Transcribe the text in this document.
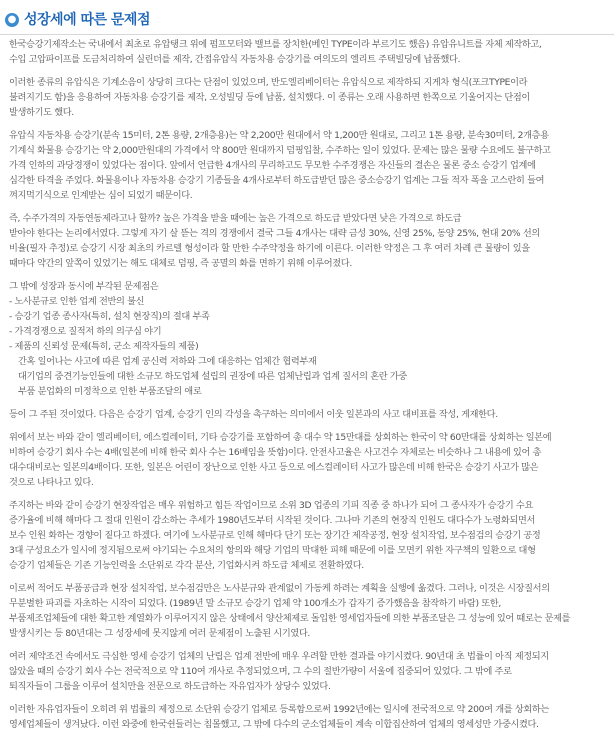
● 성장세에 따른 문제점
한국승강기제작소는 국내에서 최초로 유압탱크 위에 펌프모터와 밸브를 장치한(베인 TYPE이라 부르기도 했음) 유압유니트를 자체 제작하고,
수입 고압파이프를 도금처리하여 실린더를 제작, 간접유압식 자동차용 승강기를 여의도의 엘리트 주택빌딩에 납품했다.
이러한 종류의 유압식은 기계소음이 상당히 크다는 단점이 있었으며, 반도엘리베이터는 유압식으로 제작하되 지게차 형식(포크TYPE이라
불려지기도 함)을 응용하여 자동차용 승강기를 제작, 오성빌딩 등에 납품, 설치했다. 이 종류는 오래 사용하면 한쪽으로 기울어지는 단점이
발생하기도 했다.
유압식 자동차용 승강기(분속 15미터, 2톤 용량, 2개층용)는 약 2,200만 원대에서 약 1,200만 원대로, 그리고 1톤 용량, 분속30미터, 2개층용
기계식 화물용 승강기는 약 2,000만원대의 가격에서 약 800만 원대까지 덤핑입찰, 수주하는 일이 있었다. 문제는 많은 물량 수요에도 불구하고
가격 인하의 과당경쟁이 있었다는 점이다. 앞에서 언급한 4개사의 무리하고도 무모한 수주경쟁은 자신들의 결손은 물론 중소 승강기 업계에
심각한 타격을 주었다. 화물용이나 자동차용 승강기 기종들을 4개사로부터 하도급받던 많은 중소승강기 업계는 그들 적자 폭을 고스란히 들여
껴지먹기식으로 인계받는 심이 되었기 때문이다.
즉, 수주가격의 자동연동제라고나 할까? 높은 가격을 받을 때에는 높은 가격으로 하도급 받았다면 낮은 가격으로 하도급
받아야 한다는 논리에서였다. 그렇게 자기 살 뜯는 격의 경쟁에서 결국 그들 4개사는 대략 금성 30%, 신영 25%, 동양 25%, 현대 20% 선의
비율(필자 추정)로 승강기 시장 최초의 카르텔 형성이라 할 만한 수주약정을 하기에 이른다. 이러한 약정은 그 후 여러 차례 큰 물량이 있을
때마다 약간의 앞쪽이 있었기는 해도 대체로 덤핑, 즉 공멸의 화를 면하기 위해 이루어졌다.
그 밖에 성장과 동시에 부각된 문제점은
- 노사분규로 인한 업계 전반의 불신
- 승강기 업종 종사자(특히, 설치 현장직)의 절대 부족
- 가격경쟁으로 질적저 하의 의구심 야기
- 제품의 신뢰성 문제(특히, 군소 제작자들의 제품)
간혹 일어나는 사고에 따른 업계 공신력 저하와 그에 대응하는 업체간 협력부재
대기업의 중견기능인들에 대한 소규모 하도업체 설립의 권장에 따른 업체난립과 업계 질서의 혼란 가중
부품 분업화의 미정착으로 인한 부품조달의 애로
등이 그 주된 것이었다. 다음은 승강기 업계, 승강기 인의 각성을 촉구하는 의미에서 이웃 일본과의 사고 대비표를 작성, 게재한다.
위에서 보는 바와 같이 엘리베이터, 에스컬레이터, 기타 승강기를 포함하여 총 대수 약 15만대를 상회하는 한국이 약 60만대를 상회하는 일본에
비하여 승강기 회사 수는 4배(일본에 비해 한국 회사 수는 16배임을 뜻함)이다. 안전사고율은 사고건수 자체로는 비슷하나 그 내용에 있어 총
대수대비로는 일본의4배이다. 또한, 일본은 어린이 장난으로 인한 사고 등으로 에스컬레이터 사고가 많은데 비해 한국은 승강기 사고가 많은
것으로 나타나고 있다.
주지하는 바와 같이 승강기 현장작업은 매우 위험하고 힘든 작업이므로 소위 3D 업종의 기피 직종 중 하나가 되어 그 종사자가 승강기 수요
증가율에 비해 해마다 그 절대 인원이 감소하는 추세가 1980년도부터 시작된 것이다. 그나마 기존의 현장직 인원도 대다수가 노령화되면서
보수 인원 화하는 경향이 짙다고 하겠다. 여기에 노사분규로 인해 해마다 단기 또는 장기간 제작공정, 현장 설치작업, 보수점검의 승강기 공정
3대 구성요소가 일시에 정지됨으로써 야기되는 수요처의 항의와 해당 기업의 막대한 피해 때문에 이를 모면키 위한 자구책의 일환으로 대형
승강기 업체들은 기존 기능인력을 소단위로 각각 분산, 기업화시켜 하도급 체제로 전환하였다.
이로써 적어도 부품공급과 현장 설치작업, 보수점검만은 노사분규와 관계없이 가동케 하려는 계획을 실행에 옮겼다. 그러나, 이것은 시장질서의
무분별한 파괴를 자초하는 시작이 되었다. (1989년 말 소규모 승강기 업체 약 100개소가 갑자기 증가했음을 참작하기 바람) 또한,
부품제조업체들에 대한 확고한 계열화가 이루어지지 않은 상태에서 양산체제로 돌입한 영세업자들에 의한 부품조달은 그 성능에 있어 때로는 문제를
발생시키는 등 80년대는 그 성장세에 못지않게 여러 문제점이 노출된 시기였다.
여러 제약조건 속에서도 극심한 영세 승강기 업체의 난립은 업계 전반에 매우 우려할 만한 결과를 야기시켰다. 90년대 초 법률이 아직 제정되지
않았을 때의 승강기 회사 수는 전국적으로 약 110여 개사로 추정되었으며, 그 수의 절반가량이 서울에 집중되어 있었다. 그 밖에 주로
퇴직자들이 그룹을 이루어 설치만을 전문으로 하도급하는 자유업자가 상당수 있었다.
이러한 자유업자들이 오히려 위 법률의 제정으로 소단위 승강기 업체로 등록함으로써 1992년에는 일시에 전국적으로 약 200여 개를 상회하는
영세업체들이 생겨났다. 이런 와중에 한국쉰들러는 침몰했고, 그 밖에 다수의 군소업체들이 계속 이합집산하여 업체의 영세성만 가중시켰다.
